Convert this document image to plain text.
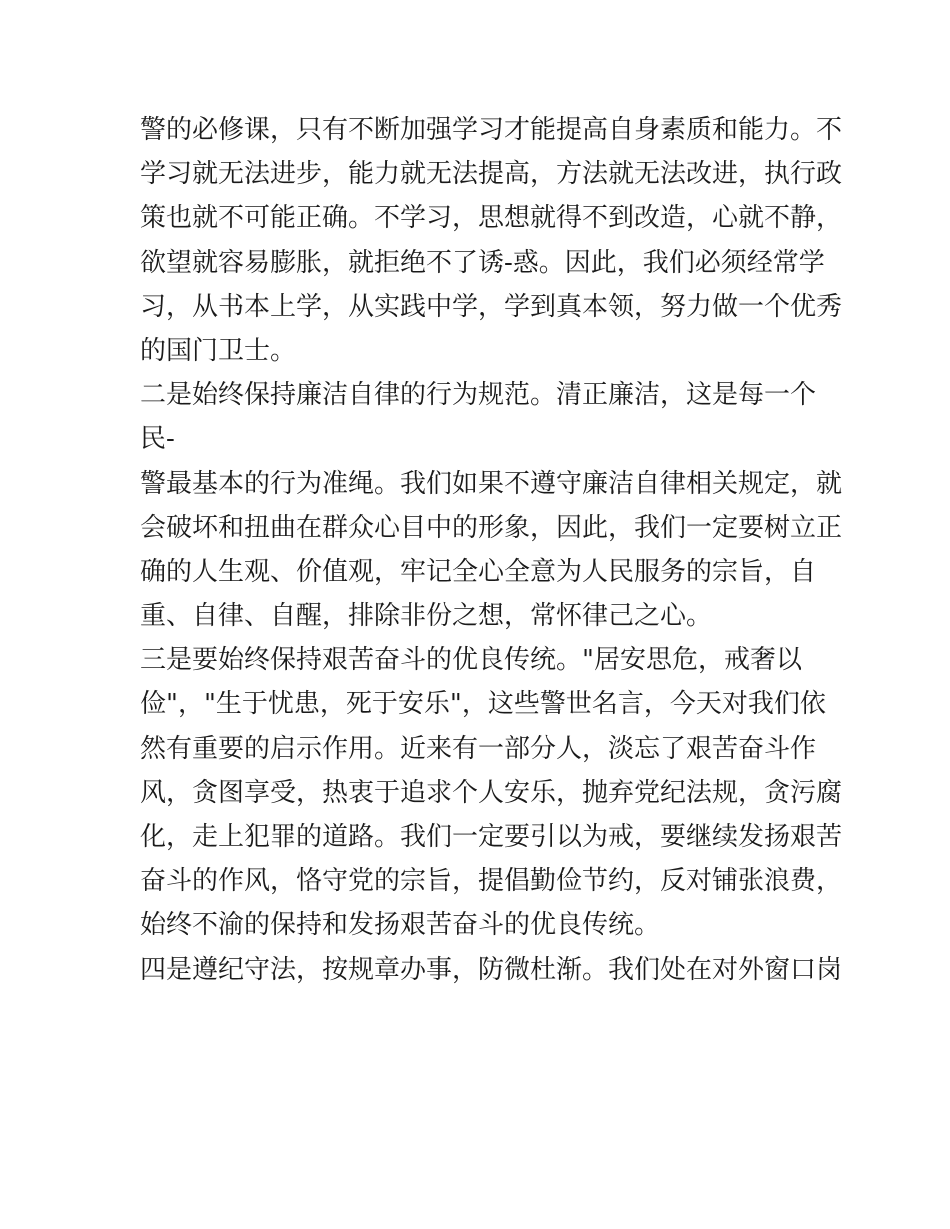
警的必修课，只有不断加强学习才能提高自身素质和能力。不
学习就无法进步，能力就无法提高，方法就无法改进，执行政
策也就不可能正确。不学习，思想就得不到改造，心就不静，
欲望就容易膨胀，就拒绝不了诱-惑。因此，我们必须经常学
习，从书本上学，从实践中学，学到真本领，努力做一个优秀
的国门卫士。
二是始终保持廉洁自律的行为规范。清正廉洁，这是每一个
民-
警最基本的行为准绳。我们如果不遵守廉洁自律相关规定，就
会破坏和扭曲在群众心目中的形象，因此，我们一定要树立正
确的人生观、价值观，牢记全心全意为人民服务的宗旨，自
重、自律、自醒，排除非份之想，常怀律己之心。
三是要始终保持艰苦奋斗的优良传统。"居安思危，戒奢以
俭"，"生于忧患，死于安乐"，这些警世名言，今天对我们依
然有重要的启示作用。近来有一部分人，淡忘了艰苦奋斗作
风，贪图享受，热衷于追求个人安乐，抛弃党纪法规，贪污腐
化，走上犯罪的道路。我们一定要引以为戒，要继续发扬艰苦
奋斗的作风，恪守党的宗旨，提倡勤俭节约，反对铺张浪费，
始终不渝的保持和发扬艰苦奋斗的优良传统。
四是遵纪守法，按规章办事，防微杜渐。我们处在对外窗口岗
